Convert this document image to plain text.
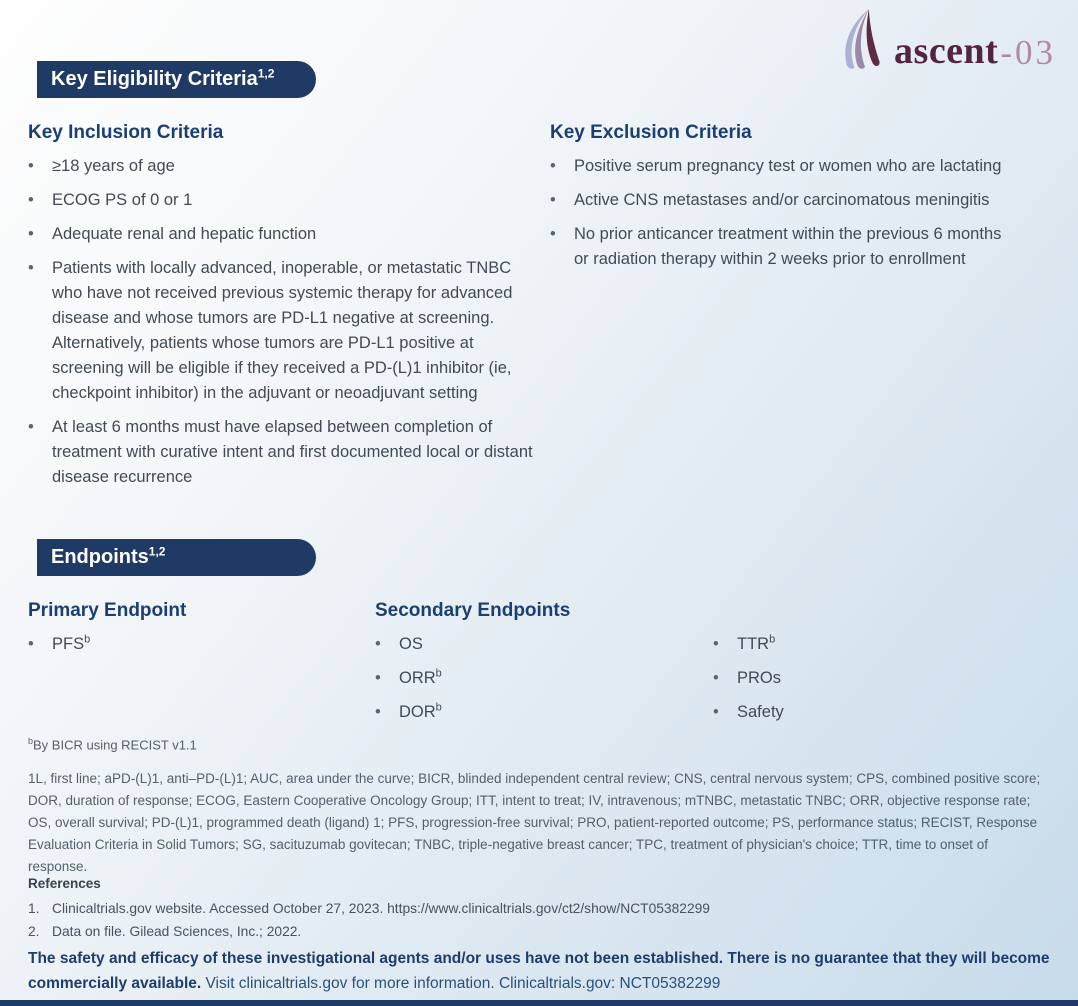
ascent -03
Key Eligibility Criteria$^{1,2}$
Key Inclusion Criteria
•	≥18 years of age
•	ECOG PS of 0 or 1
•	Adequate renal and hepatic function
•	Patients with locally advanced, inoperable, or metastatic TNBC who have not received previous systemic therapy for advanced disease and whose tumors are PD-L1 negative at screening. Alternatively, patients whose tumors are PD-L1 positive at screening will be eligible if they received a PD-(L)1 inhibitor (ie, checkpoint inhibitor) in the adjuvant or neoadjuvant setting
•	At least 6 months must have elapsed between completion of treatment with curative intent and first documented local or distant disease recurrence
Key Exclusion Criteria
•	Positive serum pregnancy test or women who are lactating
•	Active CNS metastases and/or carcinomatous meningitis
•	No prior anticancer treatment within the previous 6 months or radiation therapy within 2 weeks prior to enrollment
Endpoints$^{1,2}$
Primary Endpoint
•	PFS$^b$
Secondary Endpoints
•	OS
•	ORR$^b$
•	DOR$^b$
•	TTR$^b$
•	PROs
•	Safety
$^b$By BICR using RECIST v1.1
1L, first line; aPD-(L)1, anti–PD-(L)1; AUC, area under the curve; BICR, blinded independent central review; CNS, central nervous system; CPS, combined positive score; DOR, duration of response; ECOG, Eastern Cooperative Oncology Group; ITT, intent to treat; IV, intravenous; mTNBC, metastatic TNBC; ORR, objective response rate; OS, overall survival; PD-(L)1, programmed death (ligand) 1; PFS, progression-free survival; PRO, patient-reported outcome; PS, performance status; RECIST, Response Evaluation Criteria in Solid Tumors; SG, sacituzumab govitecan; TNBC, triple-negative breast cancer; TPC, treatment of physician's choice; TTR, time to onset of response.
References
1. Clinicaltrials.gov website. Accessed October 27, 2023. https://www.clinicaltrials.gov/ct2/show/NCT05382299
2. Data on file. Gilead Sciences, Inc.; 2022.
The safety and efficacy of these investigational agents and/or uses have not been established. There is no guarantee that they will become commercially available. Visit clinicaltrials.gov for more information. Clinicaltrials.gov: NCT05382299
